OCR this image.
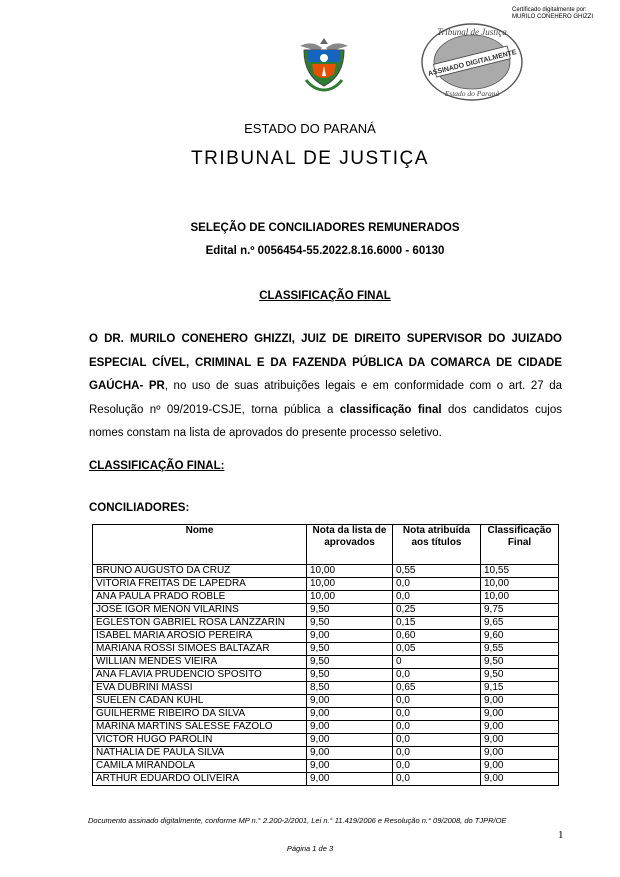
Certificado digitalmente por:
MURILO CONEHERO GHIZZI
Tribunal de Justiça
ASSINADO DIGITALMENTE
Estado do Paraná
ESTADO DO PARANÁ
TRIBUNAL DE JUSTIÇA
SELEÇÃO DE CONCILIADORES REMUNERADOS
Edital n.º 0056454-55.2022.8.16.6000 - 60130
CLASSIFICAÇÃO FINAL
O DR. MURILO CONEHERO GHIZZI, JUIZ DE DIREITO SUPERVISOR DO JUIZADO ESPECIAL CÍVEL, CRIMINAL E DA FAZENDA PÚBLICA DA COMARCA DE CIDADE GAÚCHA- PR, no uso de suas atribuições legais e em conformidade com o art. 27 da Resolução nº 09/2019-CSJE, torna pública a classificação final dos candidatos cujos nomes constam na lista de aprovados do presente processo seletivo.
CLASSIFICAÇÃO FINAL:
CONCILIADORES:
Nome	Nota da lista de aprovados	Nota atribuída aos títulos	Classificação Final
BRUNO AUGUSTO DA CRUZ	10,00	0,55	10,55
VITÓRIA FREITAS DE LAPEDRA	10,00	0,0	10,00
ANA PAULA PRADO ROBLE	10,00	0,0	10,00
JOSÉ IGOR MENON VILARINS	9,50	0,25	9,75
EGLESTON GABRIEL ROSA LANZZARIN	9,50	0,15	9,65
ISABEL MARIA AROSIO PEREIRA	9,00	0,60	9,60
MARIANA ROSSI SIMÕES BALTAZAR	9,50	0,05	9,55
WILLIAN MENDES VIEIRA	9,50	0	9,50
ANA FLAVIA PRUDENCIO SPOSITO	9,50	0,0	9,50
EVA DUBRINI MASSI	8,50	0,65	9,15
SUELEN CADAN KÜHL	9,00	0,0	9,00
GUILHERME RIBEIRO DA SILVA	9,00	0,0	9,00
MARINA MARTINS SALESSE FAZOLO	9,00	0,0	9,00
VICTOR HUGO PAROLIN	9,00	0,0	9,00
NATHALIA DE PAULA SILVA	9,00	0,0	9,00
CAMILA MIRANDOLA	9,00	0,0	9,00
ARTHUR EDUARDO OLIVEIRA	9,00	0,0	9,00
Documento assinado digitalmente, conforme MP n.° 2.200-2/2001, Lei n.° 11.419/2006 e Resolução n.° 09/2008, do TJPR/OE
1
Página 1 de 3
